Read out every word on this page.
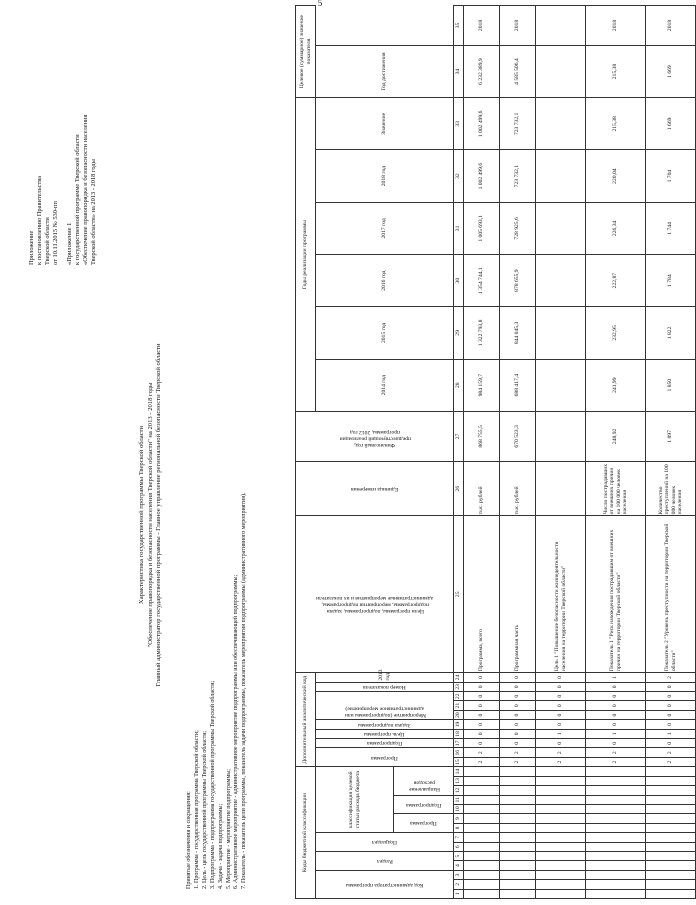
5
Приложение к постановлению Правительства Тверской области от 10.11.2015 № 530-пп «Приложение 1 к государственной программе Тверской области «Обеспечение правопорядка и безопасности населения Тверской области» на 2013 - 2018 годы
Характеристика государственной программы Тверской области "Обеспечение правопорядка и безопасности населения Тверской области" на 2013 - 2018 годы Главный администратор государственной программы - Главное управление региональной безопасности Тверской области
Принятые обозначения и сокращения: 1. Программа - государственная программа Тверской области; 2. Цель - цель государственной программы Тверской области; 3. Подпрограмма - подпрограмма государственной программы Тверской области; 4. Задача - задача подпрограммы; 5. Мероприятие - мероприятие подпрограммы; 6. Административное мероприятие - административное мероприятие подпрограммы или обеспечивающей подпрограммы; 7. Показатель - показатель цели программы, показатель задачи подпрограммы, показатель мероприятия подпрограммы (административного мероприятия).	Коды бюджетной классификации														Дополнительный аналитический код										Цели программы, подпрограммы, задачи подпрограммы, мероприятия подпрограммы, административные мероприятия и их показатели	Единица измерения	Финансовый год, предшествующий реализации программы, 2012 год	Годы реализации программы						Целевое (суммарное) значение показателя	

Код администратора программы			Раздел		Подраздел		классификация целевой статьи расхода бюджета							Программа		Подпрограмма	Цель программы	Задача подпрограммы	Мероприятие (подпрограммы или административное мероприятие)			Номер показателя	2013 год				2014 год	2015 год	2016 год	2017 год	2018 год	Значение	Год достижения	

							Программа		Подпрограмма		Направление расходов																							

1	2	3	4	5	6	7	8	9	10	11	12	13	14	15	16	17	18	19	20	21	22	23	24	25	26	27	28	29	30	31	32	33	34	35
														2	2	0	0	0	0	0	0	0	0	Программа, всего	тыс. рублей	868 755,5	984 159,7	1 322 793,8	1 354 744,1	1 005 693,1	1 002 499,6	1 002 499,6	6 232 389,9	2018
														2	2	0	0	0	0	0	0	0	0	Программная часть	тыс. рублей	670 523,3	688 417,4	844 045,3	878 655,9	728 925,6	723 732,1	723 732,1	4 585 506,4	2018
														2	2	0	1	0	0	0	0	0	0	Цель 1 "Повышение безопасности жизнедеятельности населения на территории Тверской области"										
														2	2	0	1	0	0	0	0	0	1	Показатель 1 "Риск нахождения пострадавшим от внешних причин на территории Тверской области"	Число пострадавших от внешних причин на 100 000 человек населения	248,92	241,99	232,95	222,87	226,34	220,04	215,38	215,38	2018
														2	2	0	1	0	0	0	0	0	2	Показатель 2 "Уровень преступности на территории Тверской области"	Количество преступлений на 100 000 человек населения	1 897	1 850	1 822	1 784	1 744	1 704	1 669	1 669	2018
